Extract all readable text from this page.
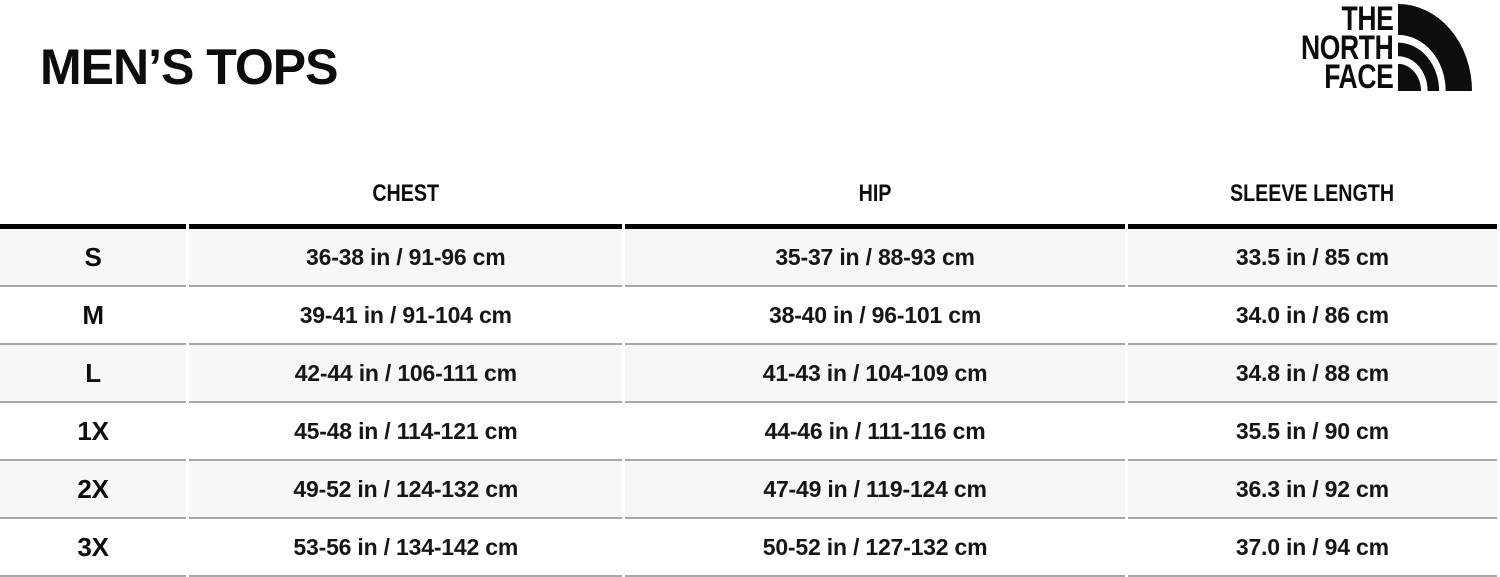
MEN’S TOPS
THE
NORTH
FACE
	CHEST	HIP	SLEEVE LENGTH
S	36-38 in / 91-96 cm	35-37 in / 88-93 cm	33.5 in / 85 cm
M	39-41 in / 91-104 cm	38-40 in / 96-101 cm	34.0 in / 86 cm
L	42-44 in / 106-111 cm	41-43 in / 104-109 cm	34.8 in / 88 cm
1X	45-48 in / 114-121 cm	44-46 in / 111-116 cm	35.5 in / 90 cm
2X	49-52 in / 124-132 cm	47-49 in / 119-124 cm	36.3 in / 92 cm
3X	53-56 in / 134-142 cm	50-52 in / 127-132 cm	37.0 in / 94 cm
